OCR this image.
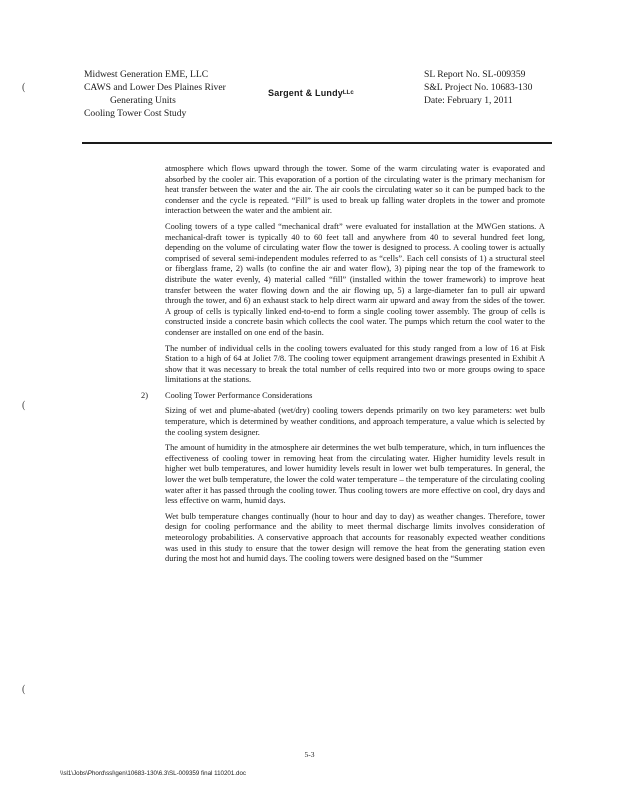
Midwest Generation EME, LLC
CAWS and Lower Des Plaines River
Generating Units
Cooling Tower Cost Study
Sargent & Lundyᴸᴸᶜ
SL Report No. SL-009359
S&L Project No. 10683-130
Date: February 1, 2011
(
(
(

atmosphere which flows upward through the tower. Some of the warm circulating water is evaporated and absorbed by the cooler air. This evaporation of a portion of the circulating water is the primary mechanism for heat transfer between the water and the air. The air cools the circulating water so it can be pumped back to the condenser and the cycle is repeated. “Fill” is used to break up falling water droplets in the tower and promote interaction between the water and the ambient air.

Cooling towers of a type called “mechanical draft” were evaluated for installation at the MWGen stations. A mechanical-draft tower is typically 40 to 60 feet tall and anywhere from 40 to several hundred feet long, depending on the volume of circulating water flow the tower is designed to process. A cooling tower is actually comprised of several semi-independent modules referred to as “cells”. Each cell consists of 1) a structural steel or fiberglass frame, 2) walls (to confine the air and water flow), 3) piping near the top of the framework to distribute the water evenly, 4) material called “fill” (installed within the tower framework) to improve heat transfer between the water flowing down and the air flowing up, 5) a large-diameter fan to pull air upward through the tower, and 6) an exhaust stack to help direct warm air upward and away from the sides of the tower. A group of cells is typically linked end-to-end to form a single cooling tower assembly. The group of cells is constructed inside a concrete basin which collects the cool water. The pumps which return the cool water to the condenser are installed on one end of the basin.

The number of individual cells in the cooling towers evaluated for this study ranged from a low of 16 at Fisk Station to a high of 64 at Joliet 7/8. The cooling tower equipment arrangement drawings presented in Exhibit A show that it was necessary to break the total number of cells required into two or more groups owing to space limitations at the stations.

2) Cooling Tower Performance Considerations

Sizing of wet and plume-abated (wet/dry) cooling towers depends primarily on two key parameters: wet bulb temperature, which is determined by weather conditions, and approach temperature, a value which is selected by the cooling system designer.

The amount of humidity in the atmosphere air determines the wet bulb temperature, which, in turn influences the effectiveness of cooling tower in removing heat from the circulating water. Higher humidity levels result in higher wet bulb temperatures, and lower humidity levels result in lower wet bulb temperatures. In general, the lower the wet bulb temperature, the lower the cold water temperature – the temperature of the circulating cooling water after it has passed through the cooling tower. Thus cooling towers are more effective on cool, dry days and less effective on warm, humid days.

Wet bulb temperature changes continually (hour to hour and day to day) as weather changes. Therefore, tower design for cooling performance and the ability to meet thermal discharge limits involves consideration of meteorology probabilities. A conservative approach that accounts for reasonably expected weather conditions was used in this study to ensure that the tower design will remove the heat from the generating station even during the most hot and humid days. The cooling towers were designed based on the “Summer

5-3
\\sl1\Jobs\Phord\ssl\gen\10683-130\6.3\SL-009359 final 110201.doc
